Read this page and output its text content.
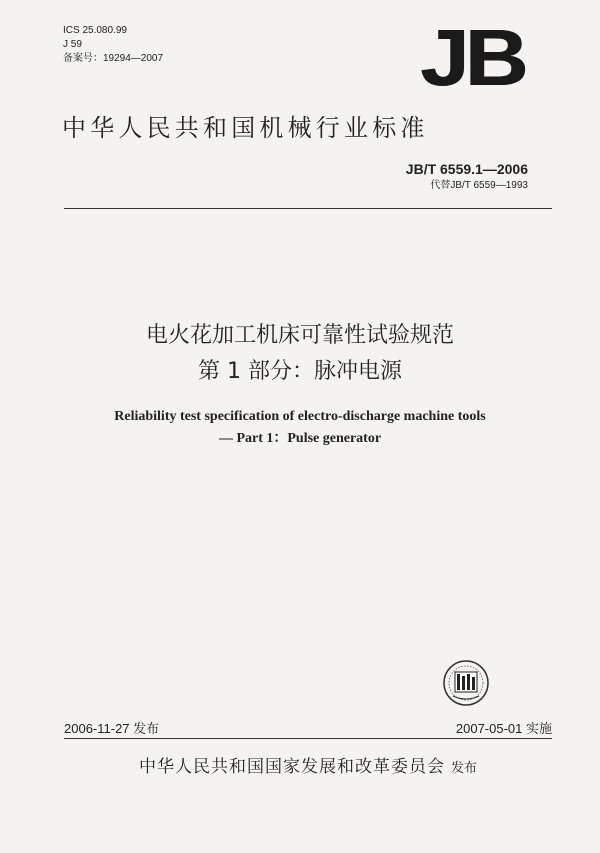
ICS 25.080.99
J 59
备案号：19294—2007	JB
中华人民共和国机械行业标准
JB/T 6559.1—2006
代替JB/T 6559—1993
电火花加工机床可靠性试验规范
第 1 部分：脉冲电源
Reliability test specification of electro-discharge machine tools
— Part 1：Pulse generator
2006-11-27 发布	2007-05-01 实施
中华人民共和国国家发展和改革委员会 发布
